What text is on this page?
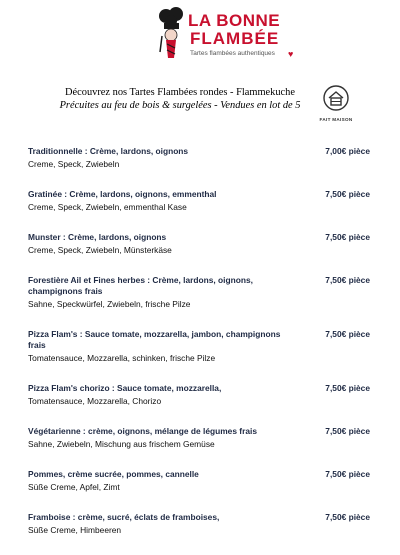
LA BONNE
FLAMBÉE
Tartes flambées authentiques ♥
Découvrez nos Tartes Flambées rondes - Flammekuche
Précuites au feu de bois & surgelées - Vendues en lot de 5
FAIT MAISON
Traditionnelle : Crème, lardons, oignons
Creme, Speck, Zwiebeln
7,00€ pièce
Gratinée : Crème, lardons, oignons, emmenthal
Creme, Speck, Zwiebeln, emmenthal Kase
7,50€ pièce
Munster : Crème, lardons, oignons
Creme, Speck, Zwiebeln, Münsterkäse
7,50€ pièce
Forestière Ail et Fines herbes : Crème, lardons, oignons, champignons frais
Sahne, Speckwürfel, Zwiebeln, frische Pilze
7,50€ pièce
Pizza Flam's : Sauce tomate, mozzarella, jambon, champignons frais
Tomatensauce, Mozzarella, schinken, frische Pilze
7,50€ pièce
Pizza Flam's chorizo : Sauce tomate, mozzarella,
Tomatensauce, Mozzarella, Chorizo
7,50€ pièce
Végétarienne : crème, oignons, mélange de légumes frais
Sahne, Zwiebeln, Mischung aus frischem Gemüse
7,50€ pièce
Pommes, crème sucrée, pommes, cannelle
Süße Creme, Apfel, Zimt
7,50€ pièce
Framboise : crème, sucré, éclats de framboises,
Süße Creme, Himbeeren
7,50€ pièce
